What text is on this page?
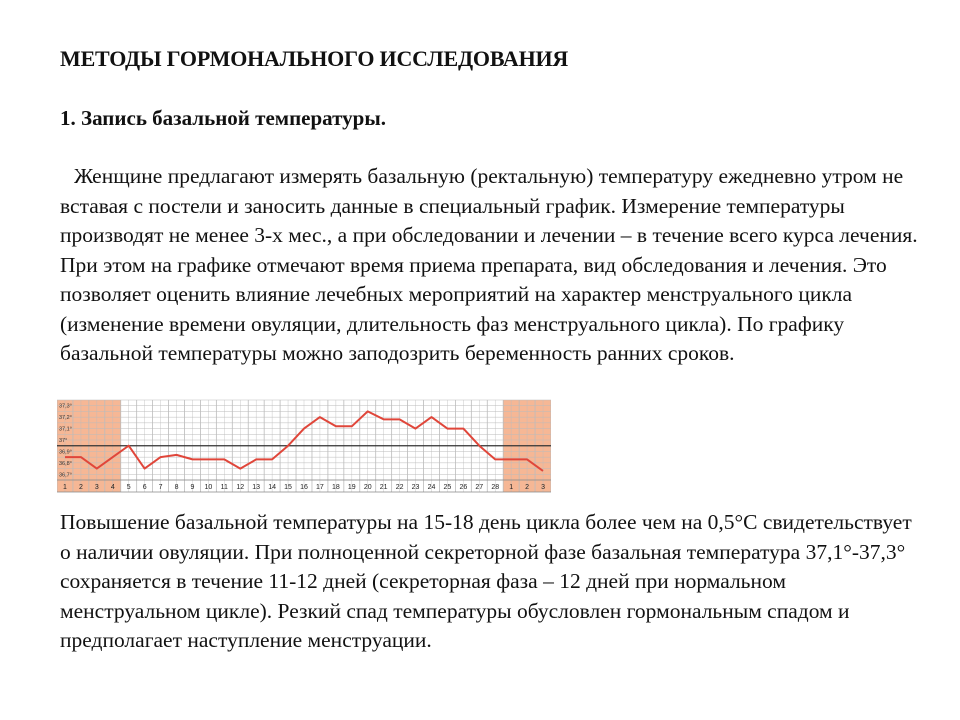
МЕТОДЫ ГОРМОНАЛЬНОГО ИССЛЕДОВАНИЯ
1. Запись базальной температуры.

Женщине предлагают измерять базальную (ректальную) температуру ежедневно утром не вставая с постели и заносить данные в специальный график. Измерение температуры производят не менее 3-х мес., а при обследовании и лечении – в течение всего курса лечения. При этом на графике отмечают время приема препарата, вид обследования и лечения. Это позволяет оценить влияние лечебных мероприятий на характер менструального цикла (изменение времени овуляции, длительность фаз менструального цикла). По графику базальной температуры можно заподозрить беременность ранних сроков.

37,3°
37,2°
37,1°
37°
36,9°
36,8°
36,7°
1 2 3 4 5 6 7 8 9 10 11 12 13 14 15 16 17 18 19 20 21 22 23 24 25 26 27 28 1 2 3

Повышение базальной температуры на 15-18 день цикла более чем на 0,5°С свидетельствует о наличии овуляции. При полноценной секреторной фазе базальная температура 37,1°-37,3° сохраняется в течение 11-12 дней (секреторная фаза – 12 дней при нормальном менструальном цикле). Резкий спад температуры обусловлен гормональным спадом и предполагает наступление менструации.
